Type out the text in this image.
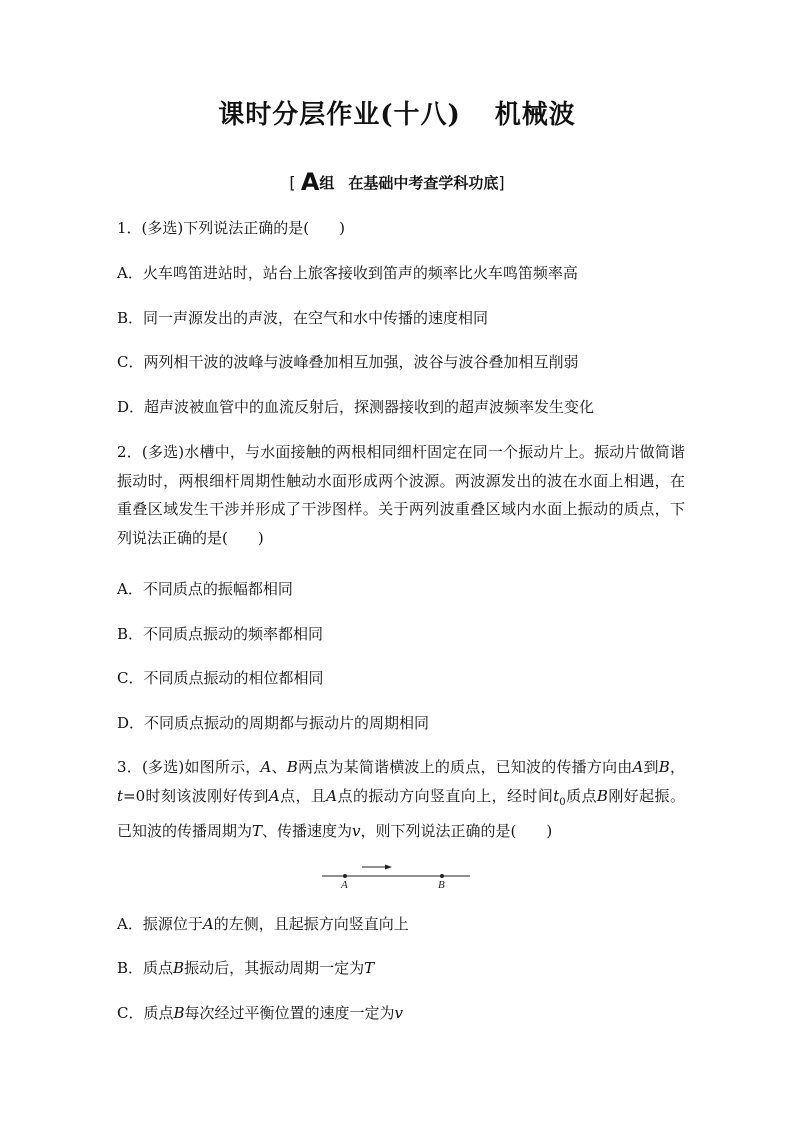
课时分层作业(十八) 机械波
[ A组 在基础中考查学科功底]
1．(多选)下列说法正确的是(　　)
A．火车鸣笛进站时，站台上旅客接收到笛声的频率比火车鸣笛频率高
B．同一声源发出的声波，在空气和水中传播的速度相同
C．两列相干波的波峰与波峰叠加相互加强，波谷与波谷叠加相互削弱
D．超声波被血管中的血流反射后，探测器接收到的超声波频率发生变化
2．(多选)水槽中，与水面接触的两根相同细杆固定在同一个振动片上。振动片做简谐振动时，两根细杆周期性触动水面形成两个波源。两波源发出的波在水面上相遇，在重叠区域发生干涉并形成了干涉图样。关于两列波重叠区域内水面上振动的质点，下列说法正确的是(　　)
A．不同质点的振幅都相同
B．不同质点振动的频率都相同
C．不同质点振动的相位都相同
D．不同质点振动的周期都与振动片的周期相同
3．(多选)如图所示，A、B两点为某简谐横波上的质点，已知波的传播方向由A到B，t=0时刻该波刚好传到A点，且A点的振动方向竖直向上，经时间$t_0$质点B刚好起振。已知波的传播周期为T、传播速度为v，则下列说法正确的是(　　)
A	B
A．振源位于A的左侧，且起振方向竖直向上
B．质点B振动后，其振动周期一定为T
C．质点B每次经过平衡位置的速度一定为v
